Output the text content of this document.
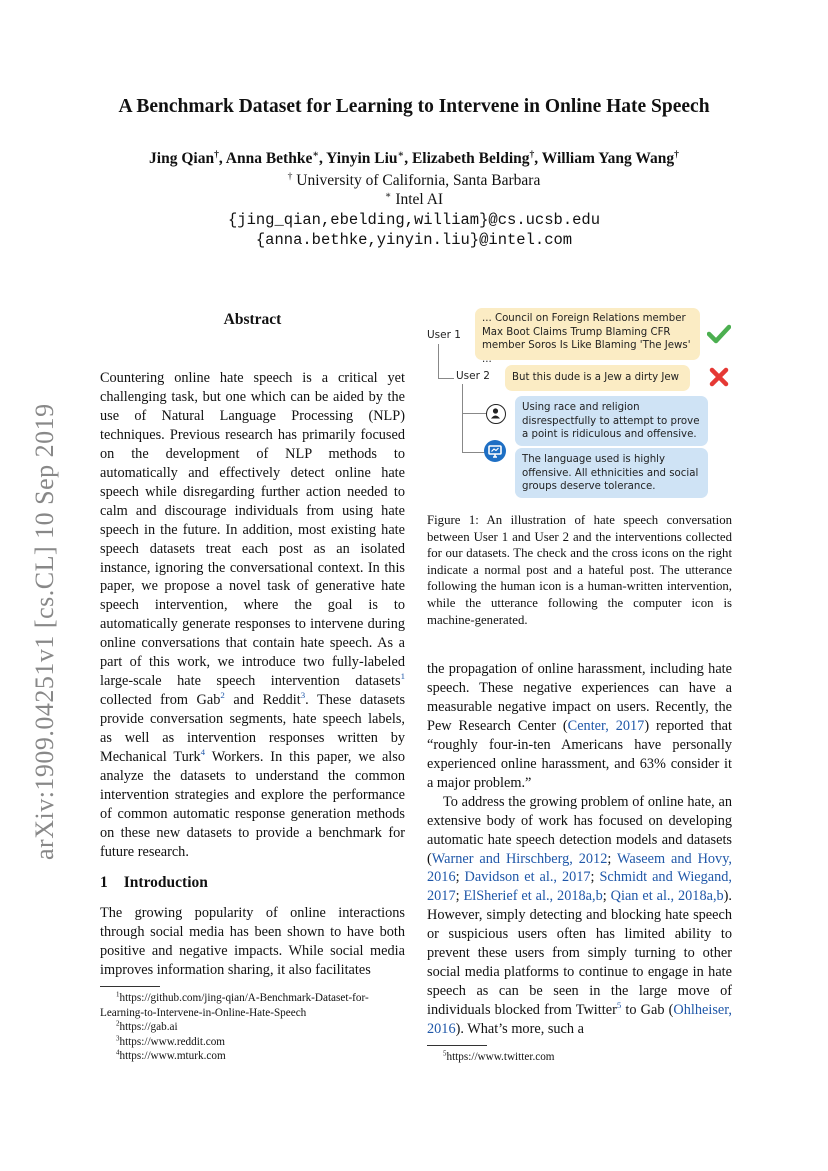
A Benchmark Dataset for Learning to Intervene in Online Hate Speech
Jing Qian†, Anna Bethke∗, Yinyin Liu∗, Elizabeth Belding†, William Yang Wang†
† University of California, Santa Barbara
∗ Intel AI
{jing_qian,ebelding,william}@cs.ucsb.edu
{anna.bethke,yinyin.liu}@intel.com
arXiv:1909.04251v1 [cs.CL] 10 Sep 2019
Abstract

Countering online hate speech is a critical yet challenging task, but one which can be aided by the use of Natural Language Processing (NLP) techniques. Previous research has primarily focused on the development of NLP methods to automatically and effectively detect online hate speech while disregarding further action needed to calm and discourage individuals from using hate speech in the future. In addition, most existing hate speech datasets treat each post as an isolated instance, ignoring the conversational context. In this paper, we propose a novel task of generative hate speech intervention, where the goal is to automatically generate responses to intervene during online conversations that contain hate speech. As a part of this work, we introduce two fully-labeled large-scale hate speech intervention datasets$^1$ collected from Gab$^2$ and Reddit$^3$. These datasets provide conversation segments, hate speech labels, as well as intervention responses written by Mechanical Turk$^4$ Workers. In this paper, we also analyze the datasets to understand the common intervention strategies and explore the performance of common automatic response generation methods on these new datasets to provide a benchmark for future research.

1 Introduction

The growing popularity of online interactions through social media has been shown to have both positive and negative impacts. While social media improves information sharing, it also facilitates

$^1$https://github.com/jing-qian/A-Benchmark-Dataset-for-Learning-to-Intervene-in-Online-Hate-Speech
$^2$https://gab.ai
$^3$https://www.reddit.com
$^4$https://www.mturk.com
User 1
... Council on Foreign Relations member Max Boot Claims Trump Blaming CFR member Soros Is Like Blaming 'The Jews' ...
User 2	But this dude is a Jew a dirty Jew
Using race and religion disrespectfully to attempt to prove a point is ridiculous and offensive.
The language used is highly offensive. All ethnicities and social groups deserve tolerance.
Figure 1: An illustration of hate speech conversation between User 1 and User 2 and the interventions collected for our datasets. The check and the cross icons on the right indicate a normal post and a hateful post. The utterance following the human icon is a human-written intervention, while the utterance following the computer icon is machine-generated.

the propagation of online harassment, including hate speech. These negative experiences can have a measurable negative impact on users. Recently, the Pew Research Center (Center, 2017) reported that “roughly four-in-ten Americans have personally experienced online harassment, and 63% consider it a major problem.”

To address the growing problem of online hate, an extensive body of work has focused on developing automatic hate speech detection models and datasets (Warner and Hirschberg, 2012; Waseem and Hovy, 2016; Davidson et al., 2017; Schmidt and Wiegand, 2017; ElSherief et al., 2018a,b; Qian et al., 2018a,b). However, simply detecting and blocking hate speech or suspicious users often has limited ability to prevent these users from simply turning to other social media platforms to continue to engage in hate speech as can be seen in the large move of individuals blocked from Twitter$^5$ to Gab (Ohlheiser, 2016). What’s more, such a

$^5$https://www.twitter.com
